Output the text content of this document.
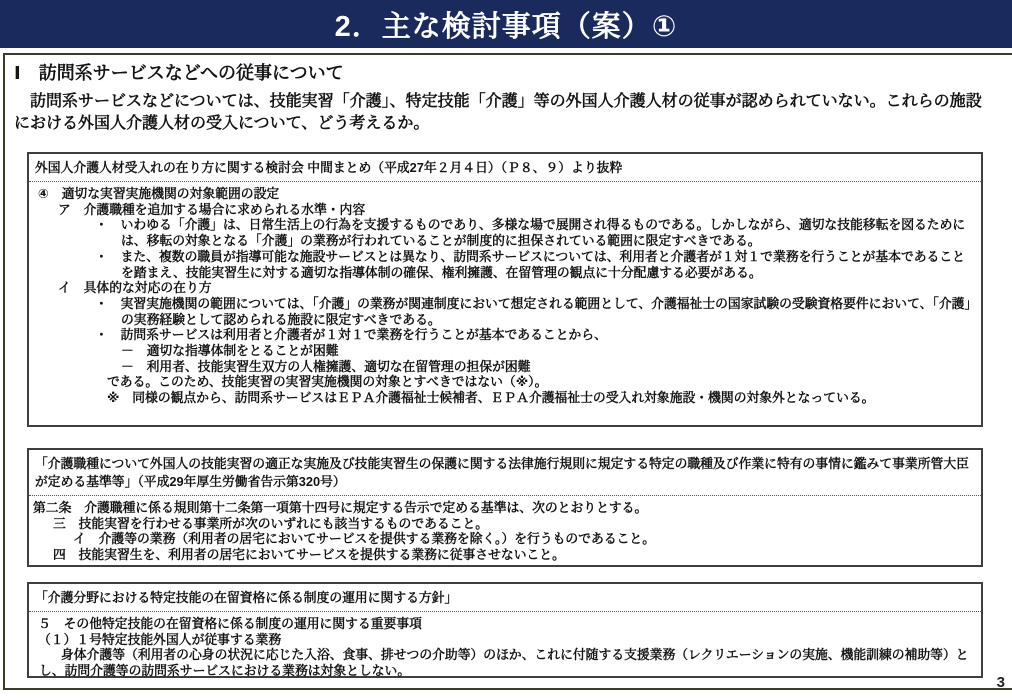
2．主な検討事項（案）①
Ⅰ　訪問系サービスなどへの従事について
　訪問系サービスなどについては、技能実習「介護」、特定技能「介護」等の外国人介護人材の従事が認められていない。これらの施設における外国人介護人材の受入について、どう考えるか。
外国人介護人材受入れの在り方に関する検討会 中間まとめ（平成27年２月４日）（Ｐ８、９）より抜粋
④　適切な実習実施機関の対象範囲の設定
ア　介護職種を追加する場合に求められる水準・内容
・　いわゆる「介護」は、日常生活上の行為を支援するものであり、多様な場で展開され得るものである。しかしながら、適切な技能移転を図るためには、移転の対象となる「介護」の業務が行われていることが制度的に担保されている範囲に限定すべきである。
・　また、複数の職員が指導可能な施設サービスとは異なり、訪問系サービスについては、利用者と介護者が１対１で業務を行うことが基本であることを踏まえ、技能実習生に対する適切な指導体制の確保、権利擁護、在留管理の観点に十分配慮する必要がある。
イ　具体的な対応の在り方
・　実習実施機関の範囲については、「介護」の業務が関連制度において想定される範囲として、介護福祉士の国家試験の受験資格要件において、「介護」の実務経験として認められる施設に限定すべきである。
・　訪問系サービスは利用者と介護者が１対１で業務を行うことが基本であることから、
－　適切な指導体制をとることが困難
－　利用者、技能実習生双方の人権擁護、適切な在留管理の担保が困難
である。このため、技能実習の実習実施機関の対象とすべきではない（※）。
※　同様の観点から、訪問系サービスはＥＰＡ介護福祉士候補者、ＥＰＡ介護福祉士の受入れ対象施設・機関の対象外となっている。
「介護職種について外国人の技能実習の適正な実施及び技能実習生の保護に関する法律施行規則に規定する特定の職種及び作業に特有の事情に鑑みて事業所管大臣が定める基準等」（平成29年厚生労働省告示第320号）
第二条　介護職種に係る規則第十二条第一項第十四号に規定する告示で定める基準は、次のとおりとする。
三　技能実習を行わせる事業所が次のいずれにも該当するものであること。
イ　介護等の業務（利用者の居宅においてサービスを提供する業務を除く。）を行うものであること。
四　技能実習生を、利用者の居宅においてサービスを提供する業務に従事させないこと。
「介護分野における特定技能の在留資格に係る制度の運用に関する方針」
５　その他特定技能の在留資格に係る制度の運用に関する重要事項
（１）１号特定技能外国人が従事する業務
身体介護等（利用者の心身の状況に応じた入浴、食事、排せつの介助等）のほか、これに付随する支援業務（レクリエーションの実施、機能訓練の補助等）とし、訪問介護等の訪問系サービスにおける業務は対象としない。
3
